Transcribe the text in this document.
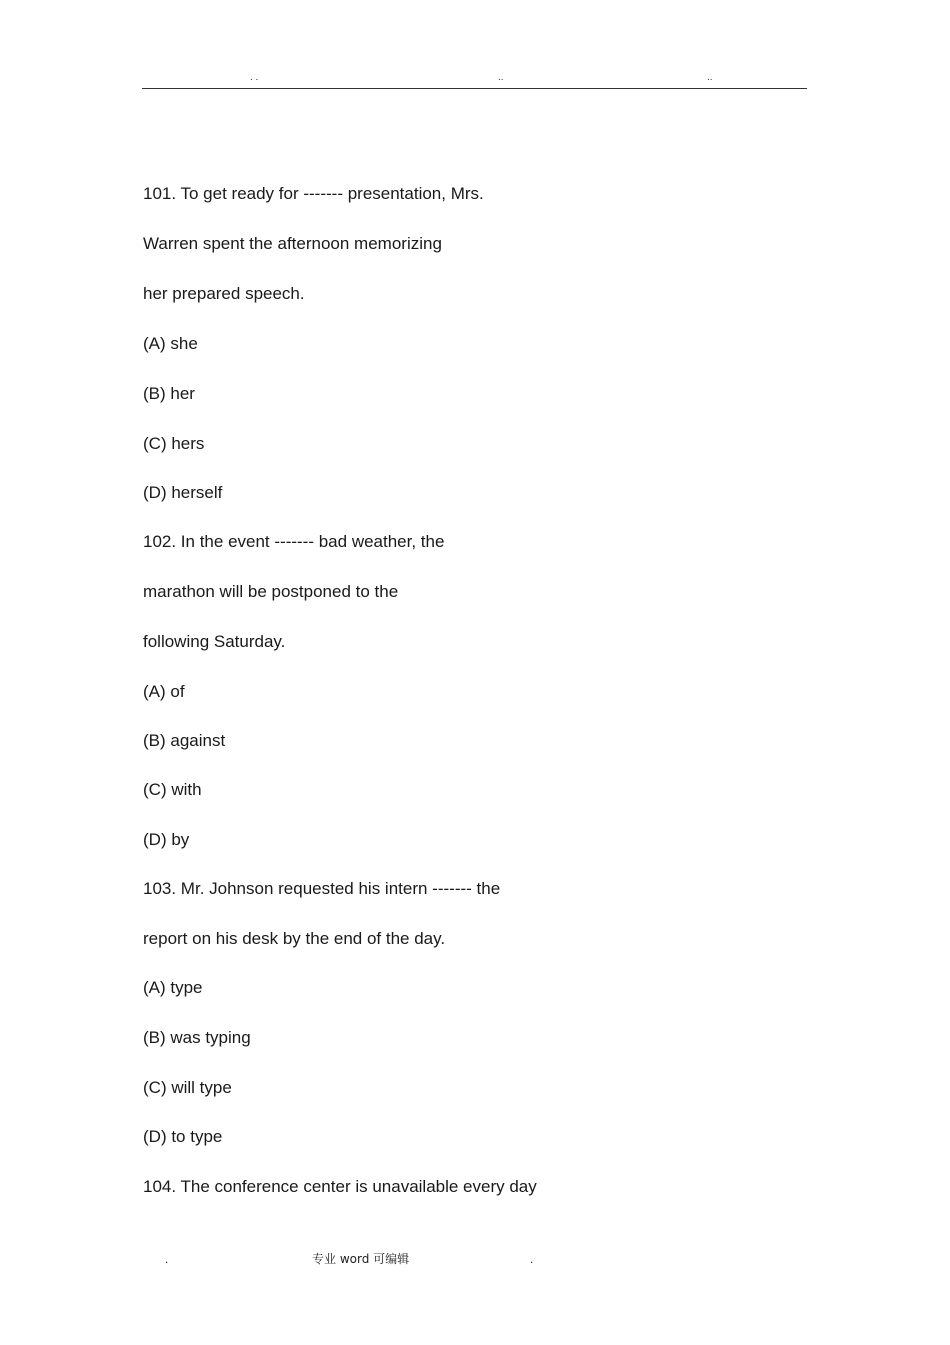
. .	..	..
101. To get ready for ------- presentation, Mrs.
Warren spent the afternoon memorizing
her prepared speech.
(A) she
(B) her
(C) hers
(D) herself
102. In the event ------- bad weather, the
marathon will be postponed to the
following Saturday.
(A) of
(B) against
(C) with
(D) by
103. Mr. Johnson requested his intern ------- the
report on his desk by the end of the day.
(A) type
(B) was typing
(C) will type
(D) to type
104. The conference center is unavailable every day
.	专业 word 可编辑	.
